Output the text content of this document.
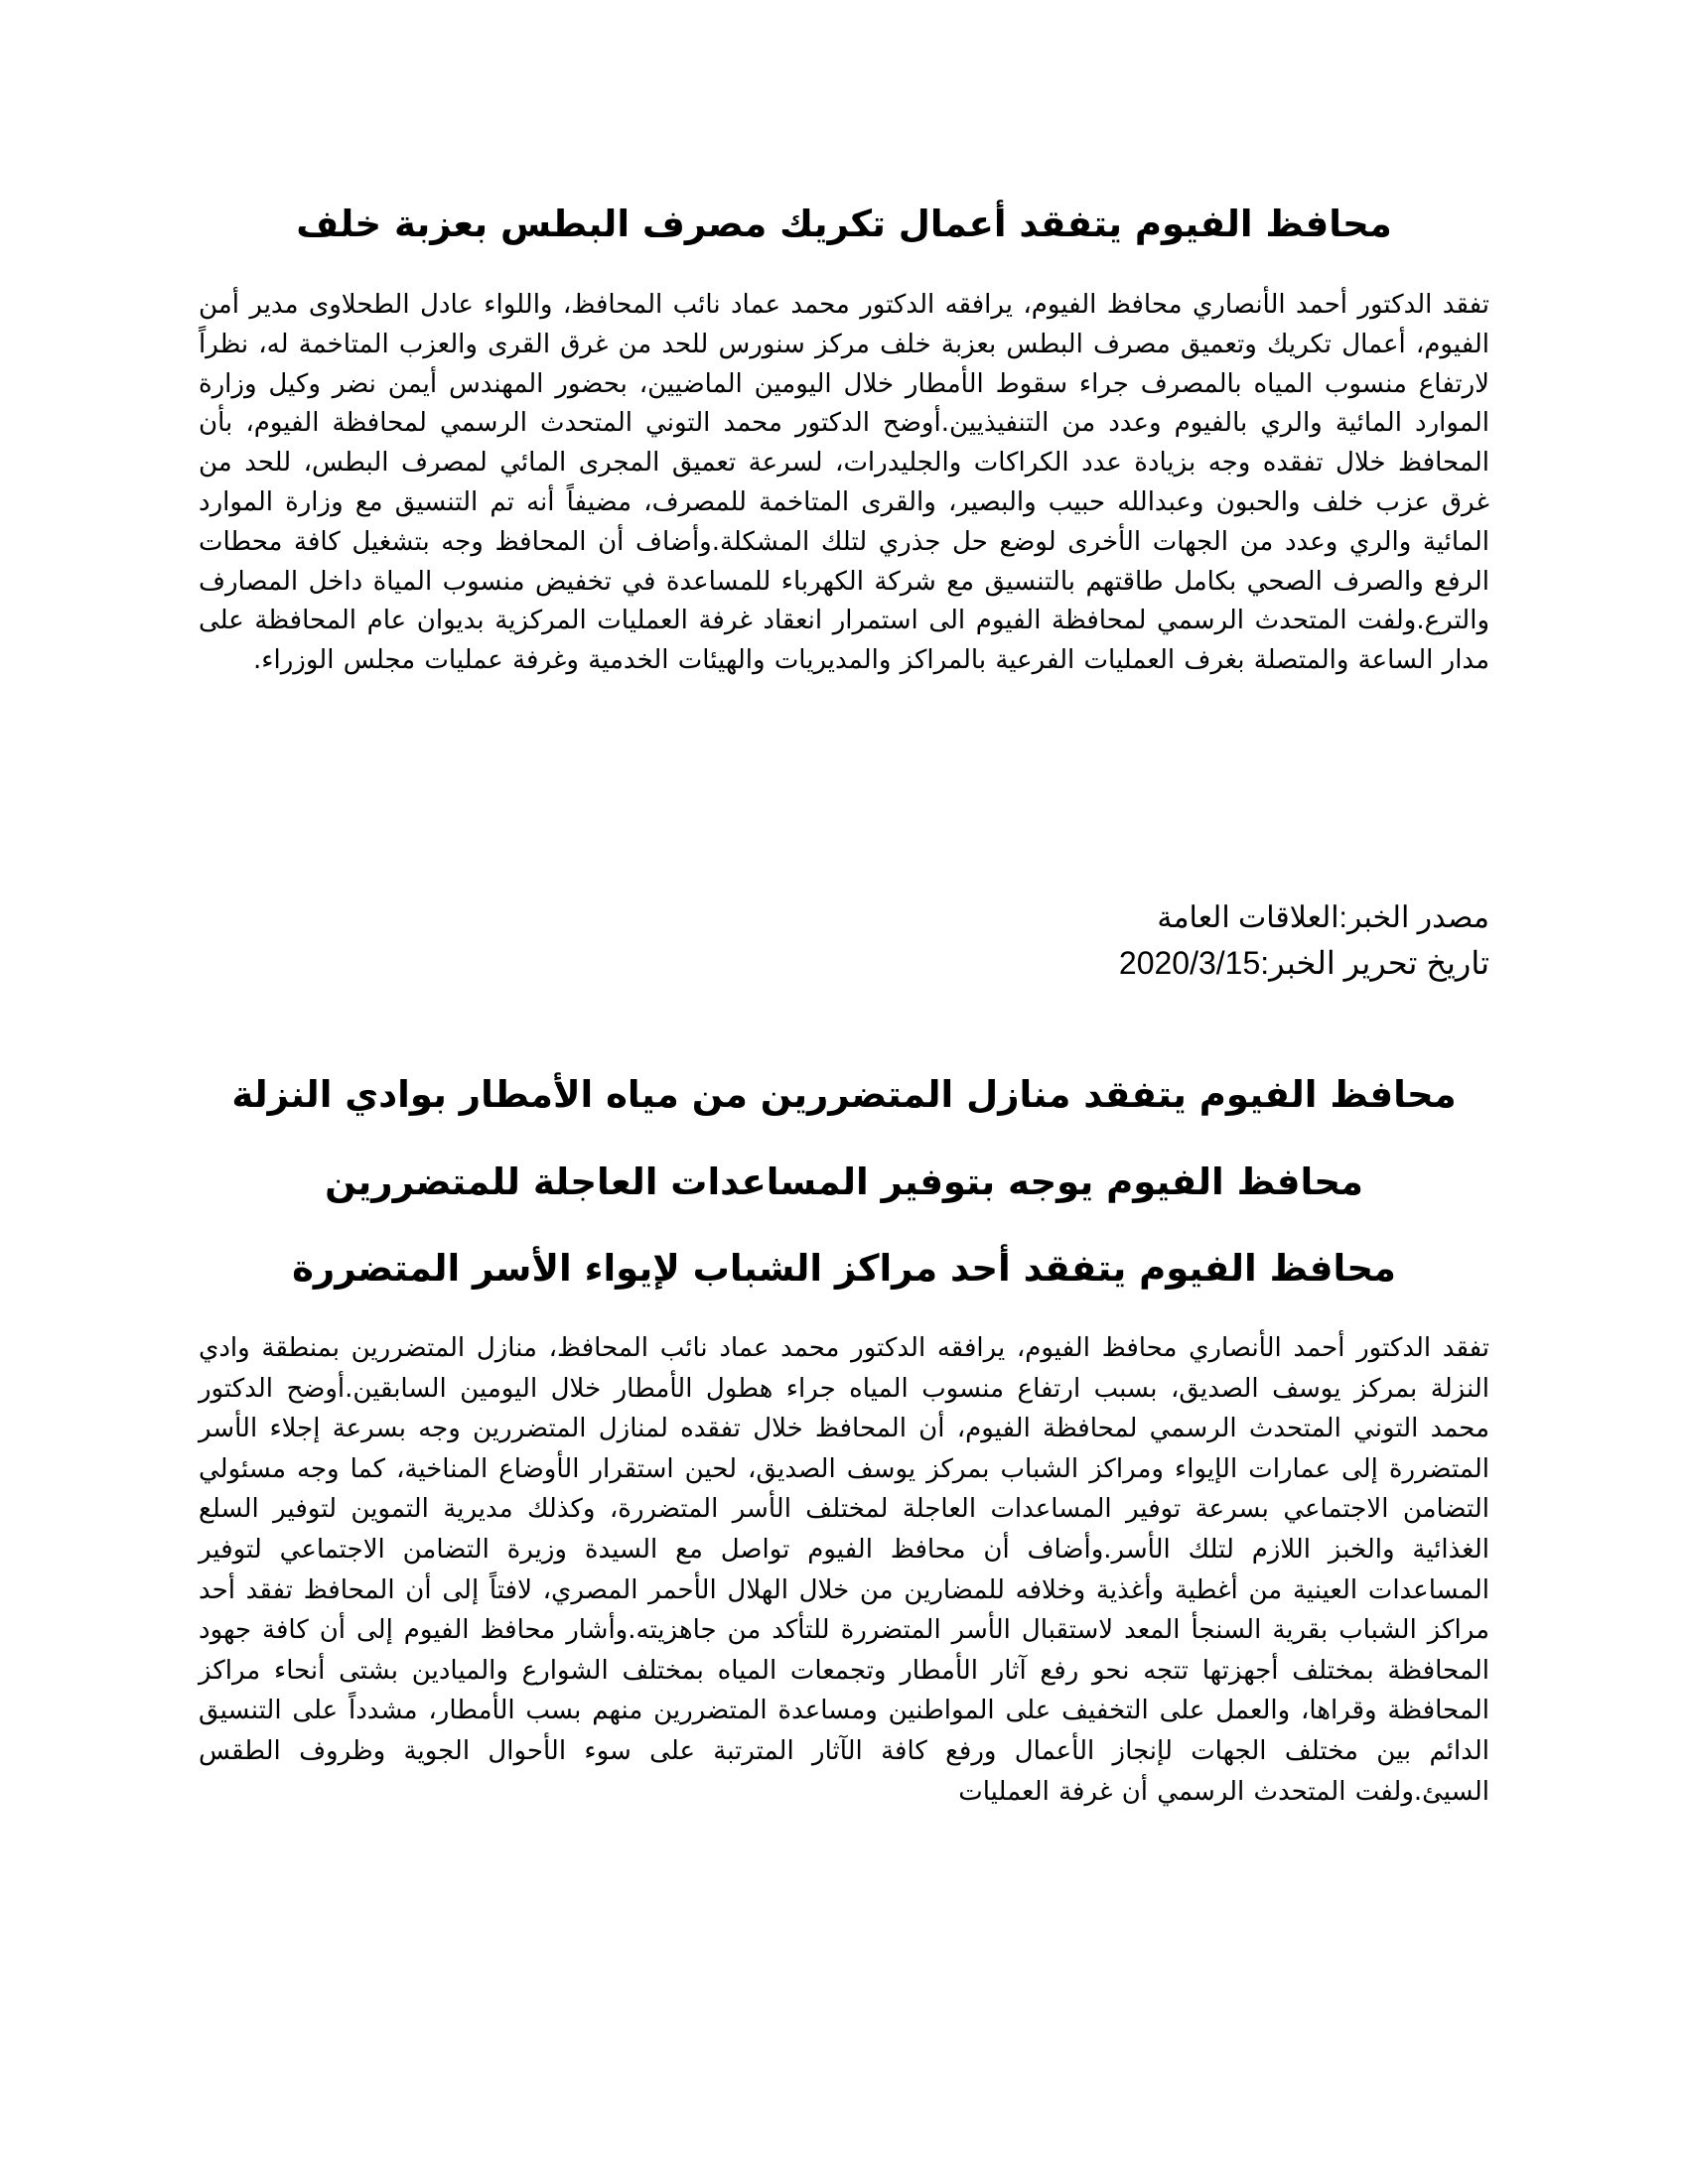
محافظ الفيوم يتفقد أعمال تكريك مصرف البطس بعزبة خلف
تفقد الدكتور أحمد الأنصاري محافظ الفيوم، يرافقه الدكتور محمد عماد نائب المحافظ، واللواء عادل الطحلاوى مدير أمن الفيوم، أعمال تكريك وتعميق مصرف البطس بعزبة خلف مركز سنورس للحد من غرق القرى والعزب المتاخمة له، نظراً لارتفاع منسوب المياه بالمصرف جراء سقوط الأمطار خلال اليومين الماضيين، بحضور المهندس أيمن نضر وكيل وزارة الموارد المائية والري بالفيوم وعدد من التنفيذيين.أوضح الدكتور محمد التوني المتحدث الرسمي لمحافظة الفيوم، بأن المحافظ خلال تفقده وجه بزيادة عدد الكراكات والجليدرات، لسرعة تعميق المجرى المائي لمصرف البطس، للحد من غرق عزب خلف والحبون وعبدالله حبيب والبصير، والقرى المتاخمة للمصرف، مضيفاً أنه تم التنسيق مع وزارة الموارد المائية والري وعدد من الجهات الأخرى لوضع حل جذري لتلك المشكلة.وأضاف أن المحافظ وجه بتشغيل كافة محطات الرفع والصرف الصحي بكامل طاقتهم بالتنسيق مع شركة الكهرباء للمساعدة في تخفيض منسوب المياة داخل المصارف والترع.ولفت المتحدث الرسمي لمحافظة الفيوم الى استمرار انعقاد غرفة العمليات المركزية بديوان عام المحافظة على مدار الساعة والمتصلة بغرف العمليات الفرعية بالمراكز والمديريات والهيئات الخدمية وغرفة عمليات مجلس الوزراء.
مصدر الخبر:العلاقات العامة
تاريخ تحرير الخبر:2020/3/15
محافظ الفيوم يتفقد منازل المتضررين من مياه الأمطار بوادي النزلة
محافظ الفيوم يوجه بتوفير المساعدات العاجلة للمتضررين
محافظ الفيوم يتفقد أحد مراكز الشباب لإيواء الأسر المتضررة
تفقد الدكتور أحمد الأنصاري محافظ الفيوم، يرافقه الدكتور محمد عماد نائب المحافظ، منازل المتضررين بمنطقة وادي النزلة بمركز يوسف الصديق، بسبب ارتفاع منسوب المياه جراء هطول الأمطار خلال اليومين السابقين.أوضح الدكتور محمد التوني المتحدث الرسمي لمحافظة الفيوم، أن المحافظ خلال تفقده لمنازل المتضررين وجه بسرعة إجلاء الأسر المتضررة إلى عمارات الإيواء ومراكز الشباب بمركز يوسف الصديق، لحين استقرار الأوضاع المناخية، كما وجه مسئولي التضامن الاجتماعي بسرعة توفير المساعدات العاجلة لمختلف الأسر المتضررة، وكذلك مديرية التموين لتوفير السلع الغذائية والخبز اللازم لتلك الأسر.وأضاف أن محافظ الفيوم تواصل مع السيدة وزيرة التضامن الاجتماعي لتوفير المساعدات العينية من أغطية وأغذية وخلافه للمضارين من خلال الهلال الأحمر المصري، لافتاً إلى أن المحافظ تفقد أحد مراكز الشباب بقرية السنجأ المعد لاستقبال الأسر المتضررة للتأكد من جاهزيته.وأشار محافظ الفيوم إلى أن كافة جهود المحافظة بمختلف أجهزتها تتجه نحو رفع آثار الأمطار وتجمعات المياه بمختلف الشوارع والميادين بشتى أنحاء مراكز المحافظة وقراها، والعمل على التخفيف على المواطنين ومساعدة المتضررين منهم بسب الأمطار، مشدداً على التنسيق الدائم بين مختلف الجهات لإنجاز الأعمال ورفع كافة الآثار المترتبة على سوء الأحوال الجوية وظروف الطقس السيئ.ولفت المتحدث الرسمي أن غرفة العمليات
